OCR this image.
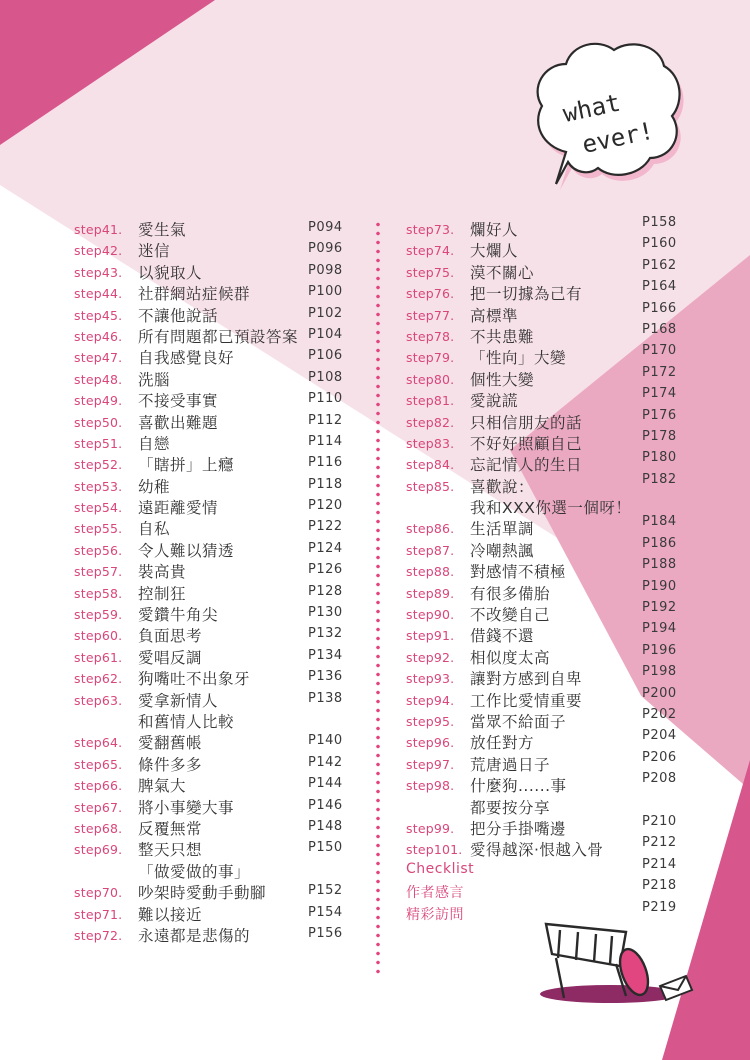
what
ever!
step41. 愛生氣	P094
step42. 迷信	P096
step43. 以貌取人	P098
step44. 社群網站症候群	P100
step45. 不讓他說話	P102
step46. 所有問題都已預設答案 P104
step47. 自我感覺良好	P106
step48. 洗腦	P108
step49. 不接受事實	P110
step50. 喜歡出難題	P112
step51. 自戀	P114
step52. 「瞎拼」上癮	P116
step53. 幼稚	P118
step54. 遠距離愛情	P120
step55. 自私	P122
step56. 令人難以猜透	P124
step57. 裝高貴	P126
step58. 控制狂	P128
step59. 愛鑽牛角尖	P130
step60. 負面思考	P132
step61. 愛唱反調	P134
step62. 狗嘴吐不出象牙	P136
step63. 愛拿新情人	P138
和舊情人比較
step64. 愛翻舊帳	P140
step65. 條件多多	P142
step66. 脾氣大	P144
step67. 將小事變大事	P146
step68. 反覆無常	P148
step69. 整天只想	P150
「做愛做的事」
step70. 吵架時愛動手動腳	P152
step71. 難以接近	P154
step72. 永遠都是悲傷的	P156
step73. 爛好人	P158
step74. 大爛人	P160
step75. 漠不關心	P162
step76. 把一切據為己有	P164
step77. 高標準	P166
step78. 不共患難	P168
step79. 「性向」大變	P170
step80. 個性大變	P172
step81. 愛說謊	P174
step82. 只相信朋友的話	P176
step83. 不好好照顧自己	P178
step84. 忘記情人的生日	P180
step85. 喜歡說：	P182
我和XXX你選一個呀！
step86. 生活單調	P184
step87. 冷嘲熱諷	P186
step88. 對感情不積極	P188
step89. 有很多備胎	P190
step90. 不改變自己	P192
step91. 借錢不還	P194
step92. 相似度太高	P196
step93. 讓對方感到自卑	P198
step94. 工作比愛情重要	P200
step95. 當眾不給面子	P202
step96. 放任對方	P204
step97. 荒唐過日子	P206
step98. 什麼狗......事	P208
都要按分享
step99. 把分手掛嘴邊	P210
step101. 愛得越深‧恨越入骨	P212
Checklist	P214
作者感言	P218
精彩訪問	P219
